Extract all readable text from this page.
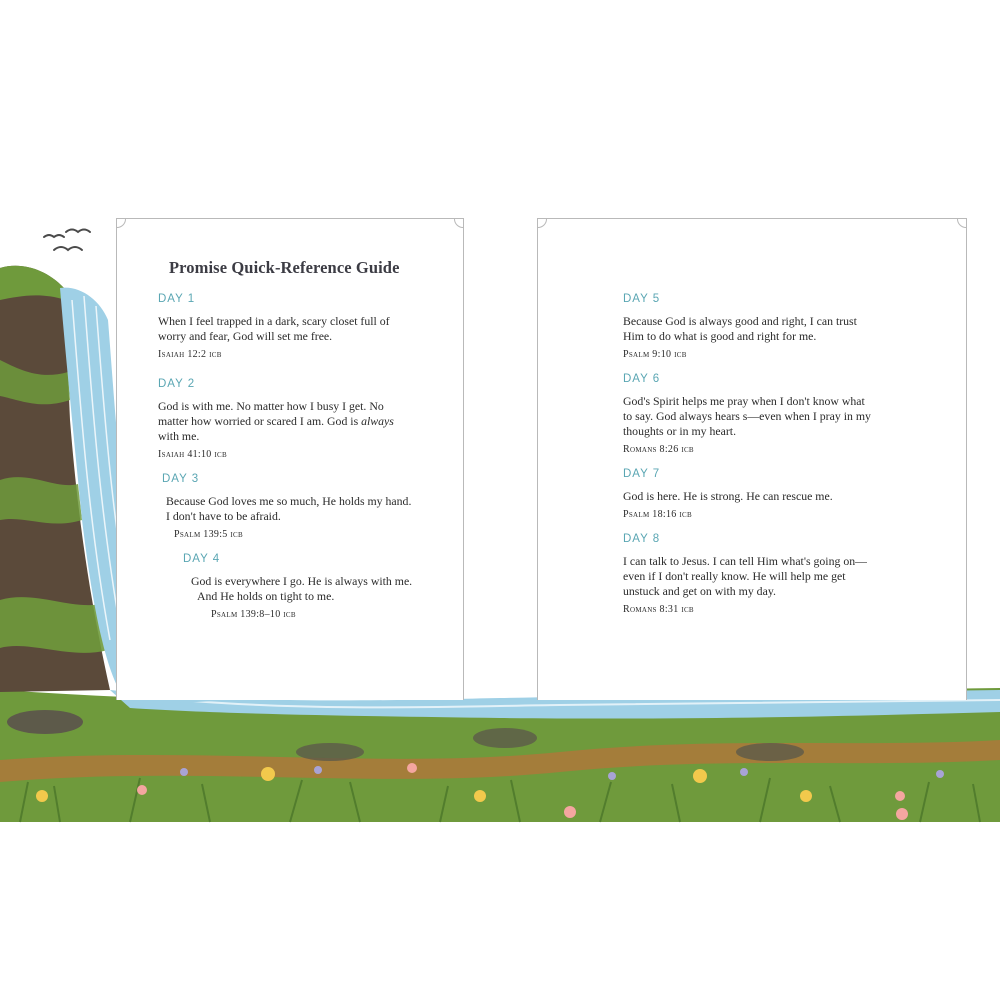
Promise Quick-Reference Guide
DAY 1
When I feel trapped in a dark, scary closet full of
worry and fear, God will set me free.
Isaiah 12:2 icb
DAY 2
God is with me. No matter how I busy I get. No
matter how worried or scared I am. God is always
with me.
Isaiah 41:10 icb
DAY 3
Because God loves me so much, He holds my hand.
I don't have to be afraid.
Psalm 139:5 icb
DAY 4
God is everywhere I go. He is always with me.
And He holds on tight to me.
Psalm 139:8–10 icb
DAY 5
Because God is always good and right, I can trust
Him to do what is good and right for me.
Psalm 9:10 icb
DAY 6
God's Spirit helps me pray when I don't know what
to say. God always hears s—even when I pray in my
thoughts or in my heart.
Romans 8:26 icb
DAY 7
God is here. He is strong. He can rescue me.
Psalm 18:16 icb
DAY 8
I can talk to Jesus. I can tell Him what's going on—
even if I don't really know. He will help me get
unstuck and get on with my day.
Romans 8:31 icb
